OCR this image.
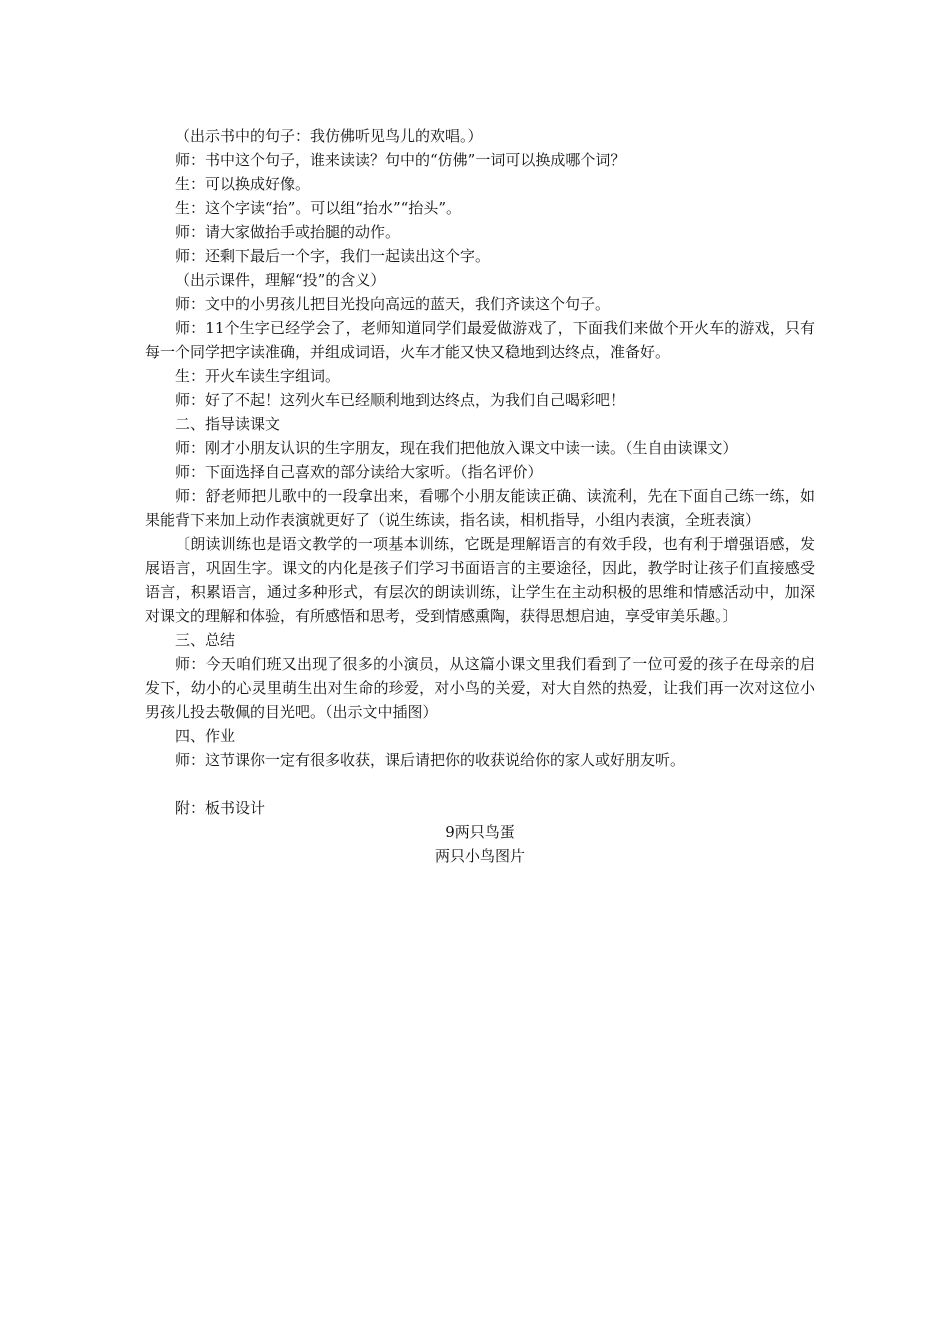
（出示书中的句子：我仿佛听见鸟儿的欢唱。）

师：书中这个句子，谁来读读？句中的“仿佛”一词可以换成哪个词？

生：可以换成好像。

生：这个字读“抬”。可以组“抬水”“抬头”。

师：请大家做抬手或抬腿的动作。

师：还剩下最后一个字，我们一起读出这个字。

（出示课件，理解“投”的含义）

师：文中的小男孩儿把目光投向高远的蓝天，我们齐读这个句子。

师：11个生字已经学会了，老师知道同学们最爱做游戏了，下面我们来做个开火车的游戏，只有每一个同学把字读准确，并组成词语，火车才能又快又稳地到达终点，准备好。

生：开火车读生字组词。

师：好了不起！这列火车已经顺利地到达终点，为我们自己喝彩吧！

二、指导读课文

师：刚才小朋友认识的生字朋友，现在我们把他放入课文中读一读。（生自由读课文）

师：下面选择自己喜欢的部分读给大家听。（指名评价）

师：舒老师把儿歌中的一段拿出来，看哪个小朋友能读正确、读流利，先在下面自己练一练，如果能背下来加上动作表演就更好了（说生练读，指名读，相机指导，小组内表演，全班表演）

〔朗读训练也是语文教学的一项基本训练，它既是理解语言的有效手段，也有利于增强语感，发展语言，巩固生字。课文的内化是孩子们学习书面语言的主要途径，因此，教学时让孩子们直接感受语言，积累语言，通过多种形式，有层次的朗读训练，让学生在主动积极的思维和情感活动中，加深对课文的理解和体验，有所感悟和思考，受到情感熏陶，获得思想启迪，享受审美乐趣。〕

三、总结

师：今天咱们班又出现了很多的小演员，从这篇小课文里我们看到了一位可爱的孩子在母亲的启发下，幼小的心灵里萌生出对生命的珍爱，对小鸟的关爱，对大自然的热爱，让我们再一次对这位小男孩儿投去敬佩的目光吧。（出示文中插图）

四、作业

师：这节课你一定有很多收获，课后请把你的收获说给你的家人或好朋友听。

附：板书设计

9两只鸟蛋

两只小鸟图片
